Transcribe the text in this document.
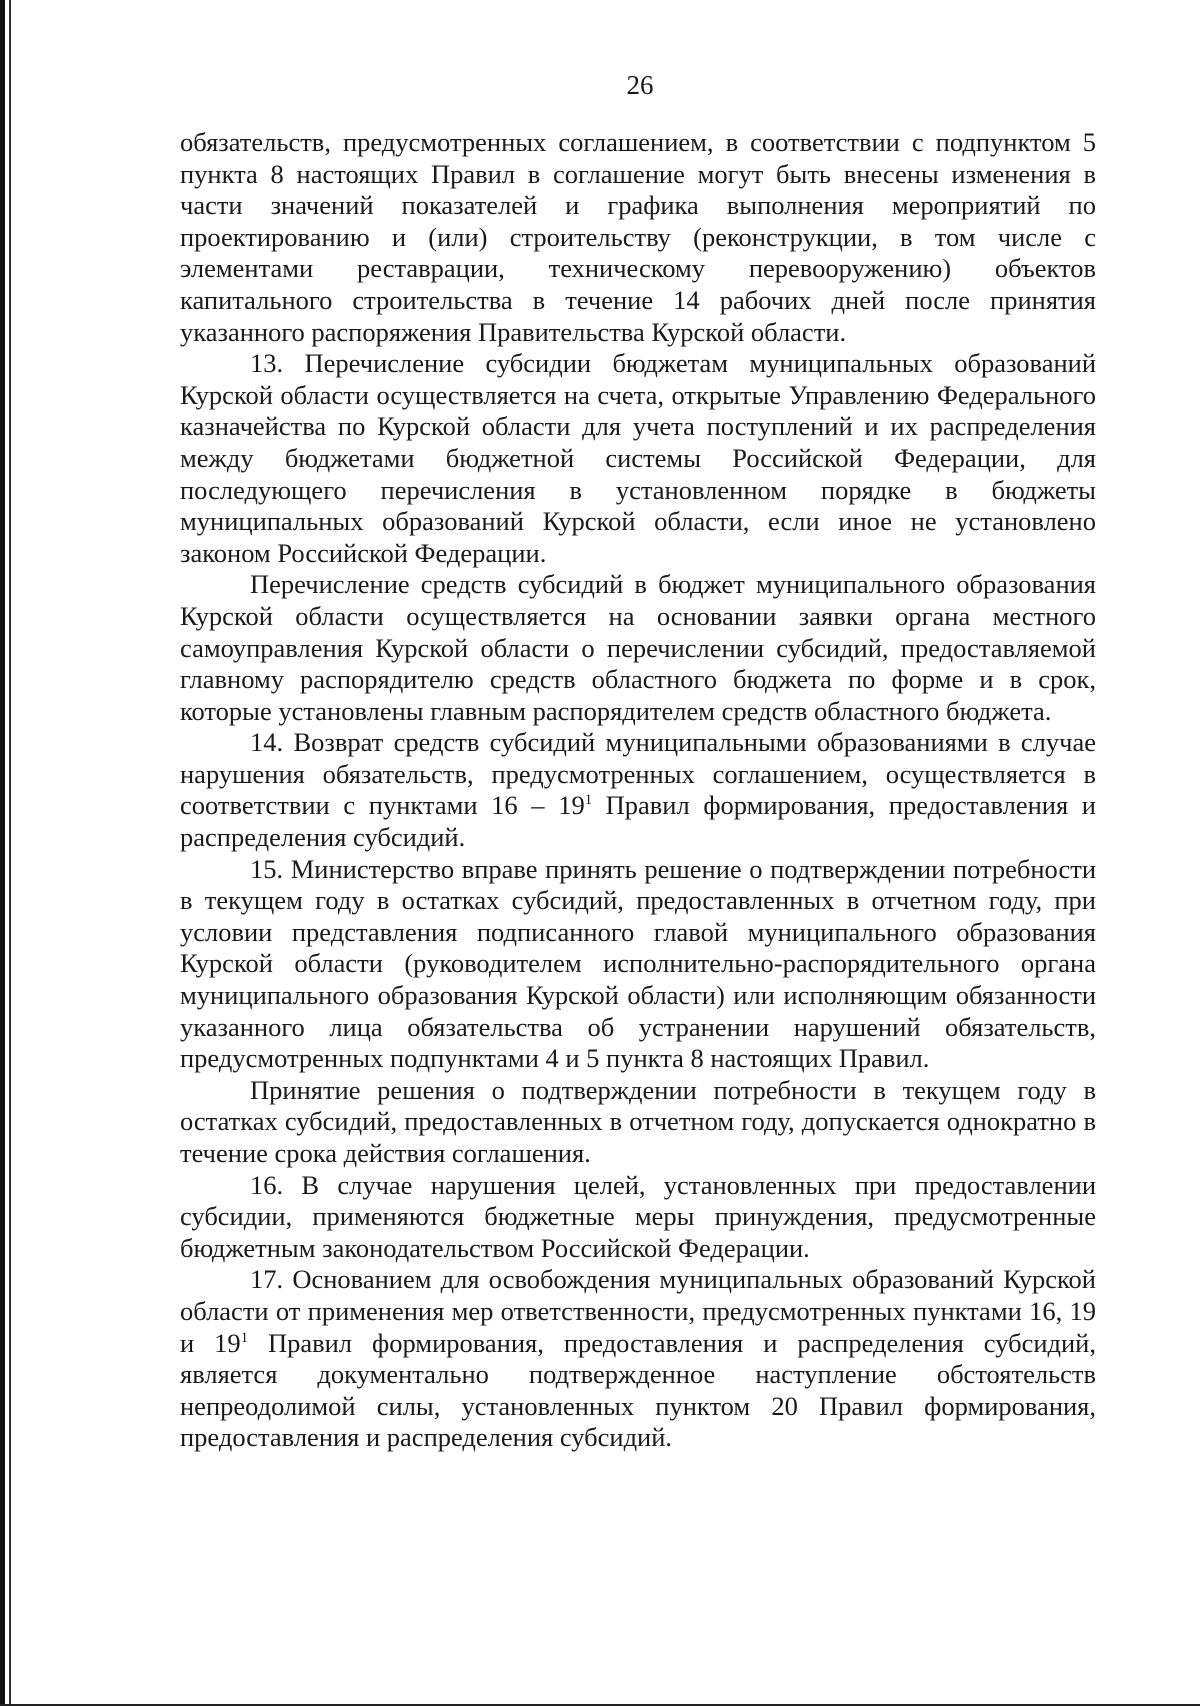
26

обязательств, предусмотренных соглашением, в соответствии с подпунктом 5 пункта 8 настоящих Правил в соглашение могут быть внесены изменения в части значений показателей и графика выполнения мероприятий по проектированию и (или) строительству (реконструкции, в том числе с элементами реставрации, техническому перевооружению) объектов капитального строительства в течение 14 рабочих дней после принятия указанного распоряжения Правительства Курской области.

13. Перечисление субсидии бюджетам муниципальных образований Курской области осуществляется на счета, открытые Управлению Федерального казначейства по Курской области для учета поступлений и их распределения между бюджетами бюджетной системы Российской Федерации, для последующего перечисления в установленном порядке в бюджеты муниципальных образований Курской области, если иное не установлено законом Российской Федерации.

Перечисление средств субсидий в бюджет муниципального образования Курской области осуществляется на основании заявки органа местного самоуправления Курской области о перечислении субсидий, предоставляемой главному распорядителю средств областного бюджета по форме и в срок, которые установлены главным распорядителем средств областного бюджета.

14. Возврат средств субсидий муниципальными образованиями в случае нарушения обязательств, предусмотренных соглашением, осуществляется в соответствии с пунктами $16 - 19^1$ Правил формирования, предоставления и распределения субсидий.

15. Министерство вправе принять решение о подтверждении потребности в текущем году в остатках субсидий, предоставленных в отчетном году, при условии представления подписанного главой муниципального образования Курской области (руководителем исполнительно-распорядительного органа муниципального образования Курской области) или исполняющим обязанности указанного лица обязательства об устранении нарушений обязательств, предусмотренных подпунктами 4 и 5 пункта 8 настоящих Правил.

Принятие решения о подтверждении потребности в текущем году в остатках субсидий, предоставленных в отчетном году, допускается однократно в течение срока действия соглашения.

16. В случае нарушения целей, установленных при предоставлении субсидии, применяются бюджетные меры принуждения, предусмотренные бюджетным законодательством Российской Федерации.

17. Основанием для освобождения муниципальных образований Курской области от применения мер ответственности, предусмотренных пунктами 16, 19 и $19^1$ Правил формирования, предоставления и распределения субсидий, является документально подтвержденное наступление обстоятельств непреодолимой силы, установленных пунктом 20 Правил формирования, предоставления и распределения субсидий.
